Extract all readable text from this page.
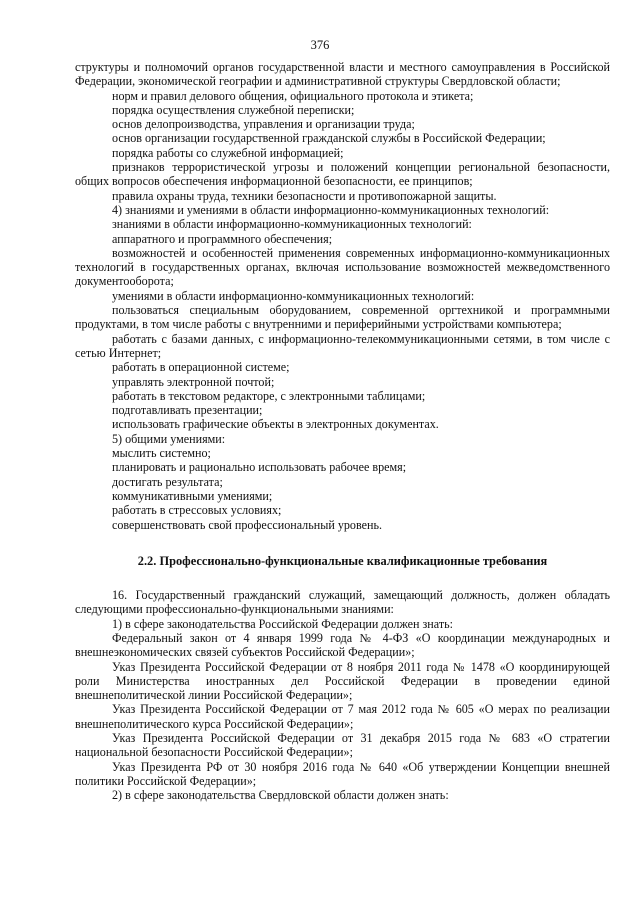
376

структуры и полномочий органов государственной власти и местного самоуправления в Российской Федерации, экономической географии и административной структуры Свердловской области;

норм и правил делового общения, официального протокола и этикета;

порядка осуществления служебной переписки;

основ делопроизводства, управления и организации труда;

основ организации государственной гражданской службы в Российской Федерации;

порядка работы со служебной информацией;

признаков террористической угрозы и положений концепции региональной безопасности, общих вопросов обеспечения информационной безопасности, ее принципов;

правила охраны труда, техники безопасности и противопожарной защиты.

4) знаниями и умениями в области информационно-коммуникационных технологий:

знаниями в области информационно-коммуникационных технологий:

аппаратного и программного обеспечения;

возможностей и особенностей применения современных информационно-коммуникационных технологий в государственных органах, включая использование возможностей межведомственного документооборота;

умениями в области информационно-коммуникационных технологий:

пользоваться специальным оборудованием, современной оргтехникой и программными продуктами, в том числе работы с внутренними и периферийными устройствами компьютера;

работать с базами данных, с информационно-телекоммуникационными сетями, в том числе с сетью Интернет;

работать в операционной системе;

управлять электронной почтой;

работать в текстовом редакторе, с электронными таблицами;

подготавливать презентации;

использовать графические объекты в электронных документах.

5) общими умениями:

мыслить системно;

планировать и рационально использовать рабочее время;

достигать результата;

коммуникативными умениями;

работать в стрессовых условиях;

совершенствовать свой профессиональный уровень.

2.2. Профессионально-функциональные квалификационные требования

16. Государственный гражданский служащий, замещающий должность, должен обладать следующими профессионально-функциональными знаниями:

1) в сфере законодательства Российской Федерации должен знать:

Федеральный закон от 4 января 1999 года № 4-ФЗ «О координации международных и внешнеэкономических связей субъектов Российской Федерации»;

Указ Президента Российской Федерации от 8 ноября 2011 года № 1478 «О координирующей роли Министерства иностранных дел Российской Федерации в проведении единой внешнеполитической линии Российской Федерации»;

Указ Президента Российской Федерации от 7 мая 2012 года № 605 «О мерах по реализации внешнеполитического курса Российской Федерации»;

Указ Президента Российской Федерации от 31 декабря 2015 года № 683 «О стратегии национальной безопасности Российской Федерации»;

Указ Президента РФ от 30 ноября 2016 года № 640 «Об утверждении Концепции внешней политики Российской Федерации»;

2) в сфере законодательства Свердловской области должен знать:
